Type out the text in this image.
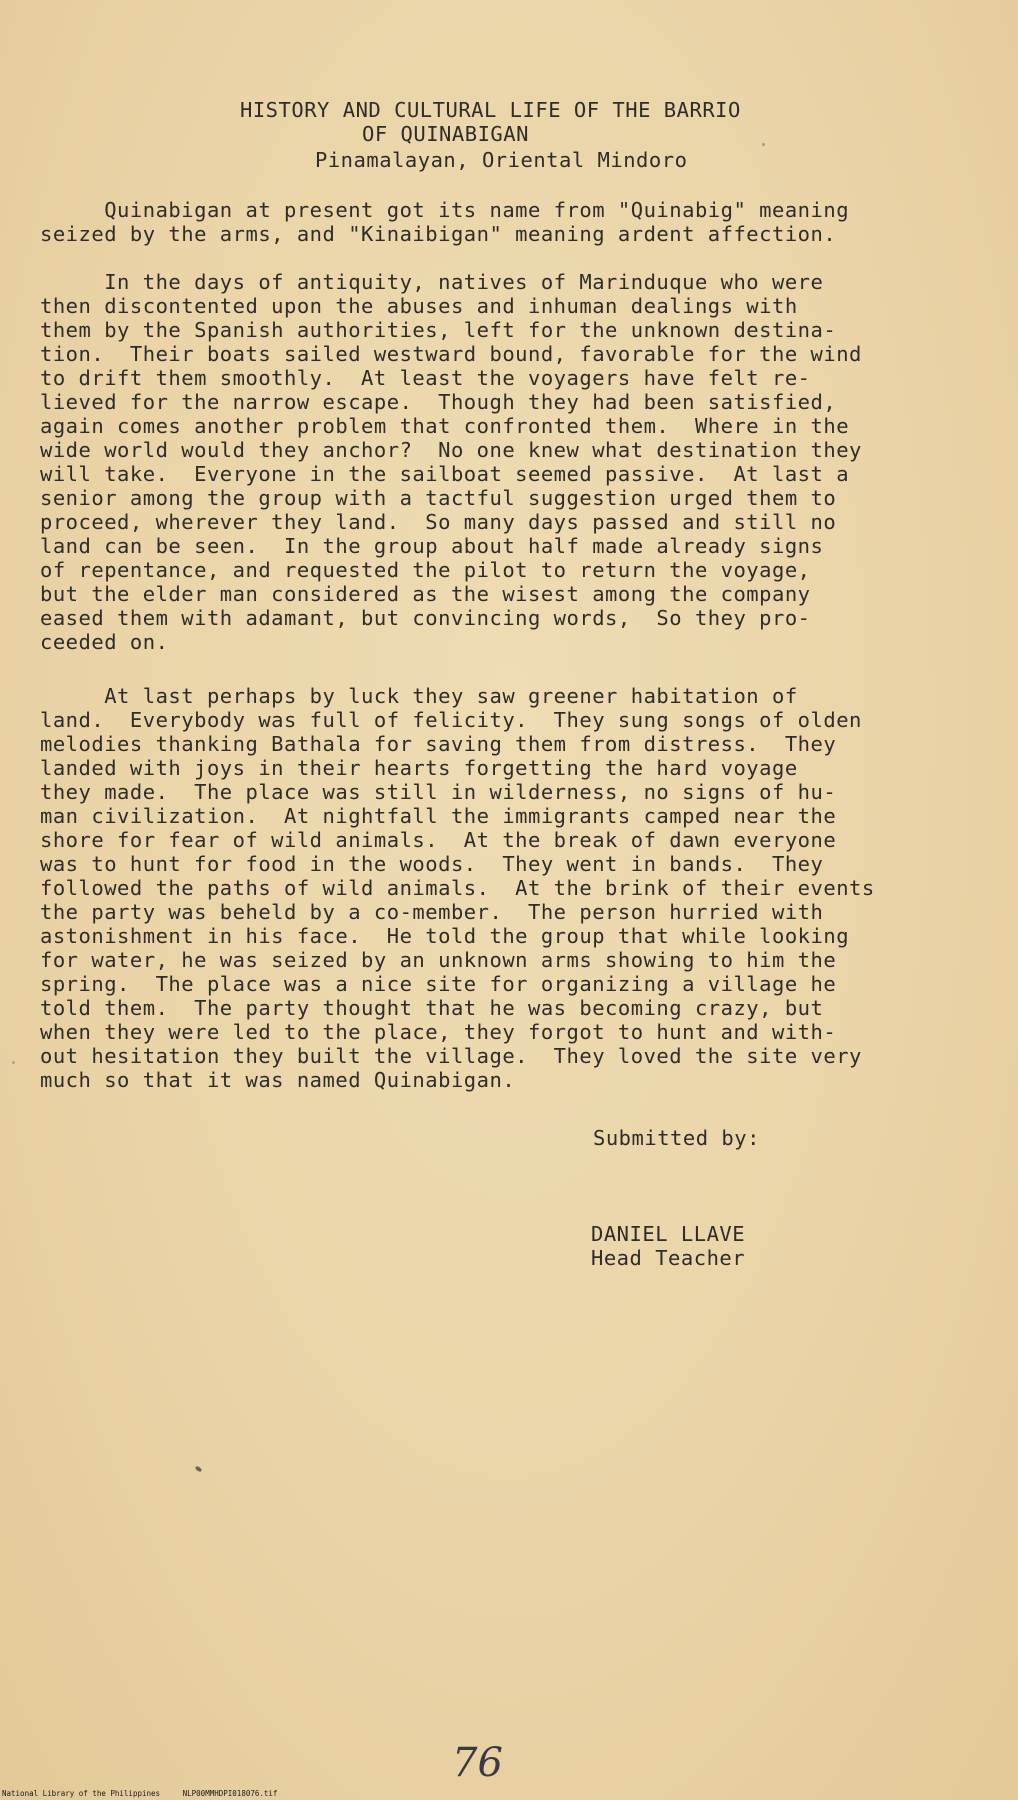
HISTORY AND CULTURAL LIFE OF THE BARRIO
OF QUINABIGAN
Pinamalayan, Oriental Mindoro
Quinabigan at present got its name from "Quinabig" meaning
seized by the arms, and "Kinaibigan" meaning ardent affection.
In the days of antiquity, natives of Marinduque who were
then discontented upon the abuses and inhuman dealings with
them by the Spanish authorities, left for the unknown destina-
tion.  Their boats sailed westward bound, favorable for the wind
to drift them smoothly.  At least the voyagers have felt re-
lieved for the narrow escape.  Though they had been satisfied,
again comes another problem that confronted them.  Where in the
wide world would they anchor?  No one knew what destination they
will take.  Everyone in the sailboat seemed passive.  At last a
senior among the group with a tactful suggestion urged them to
proceed, wherever they land.  So many days passed and still no
land can be seen.  In the group about half made already signs
of repentance, and requested the pilot to return the voyage,
but the elder man considered as the wisest among the company
eased them with adamant, but convincing words,  So they pro-
ceeded on.
At last perhaps by luck they saw greener habitation of
land.  Everybody was full of felicity.  They sung songs of olden
melodies thanking Bathala for saving them from distress.  They
landed with joys in their hearts forgetting the hard voyage
they made.  The place was still in wilderness, no signs of hu-
man civilization.  At nightfall the immigrants camped near the
shore for fear of wild animals.  At the break of dawn everyone
was to hunt for food in the woods.  They went in bands.  They
followed the paths of wild animals.  At the brink of their events
the party was beheld by a co-member.  The person hurried with
astonishment in his face.  He told the group that while looking
for water, he was seized by an unknown arms showing to him the
spring.  The place was a nice site for organizing a village he
told them.  The party thought that he was becoming crazy, but
when they were led to the place, they forgot to hunt and with-
out hesitation they built the village.  They loved the site very
much so that it was named Quinabigan.
Submitted by:
DANIEL LLAVE
Head Teacher
76
National Library of the Philippines     NLP00MMHDPI018076.tif
